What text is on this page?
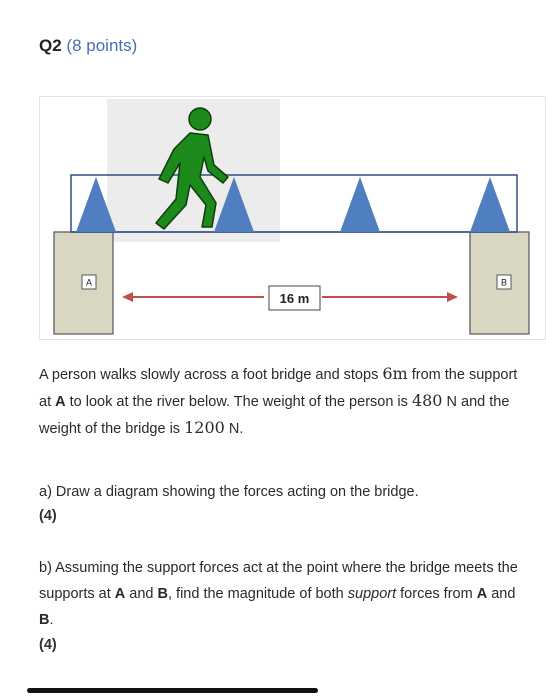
Q2 (8 points)
A	B
16 m
A person walks slowly across a foot bridge and stops 6m from the support
at A to look at the river below. The weight of the person is 480 N and the
weight of the bridge is 1200 N.
a) Draw a diagram showing the forces acting on the bridge.
(4)
b) Assuming the support forces act at the point where the bridge meets the
supports at A and B, find the magnitude of both support forces from A and
B.
(4)
